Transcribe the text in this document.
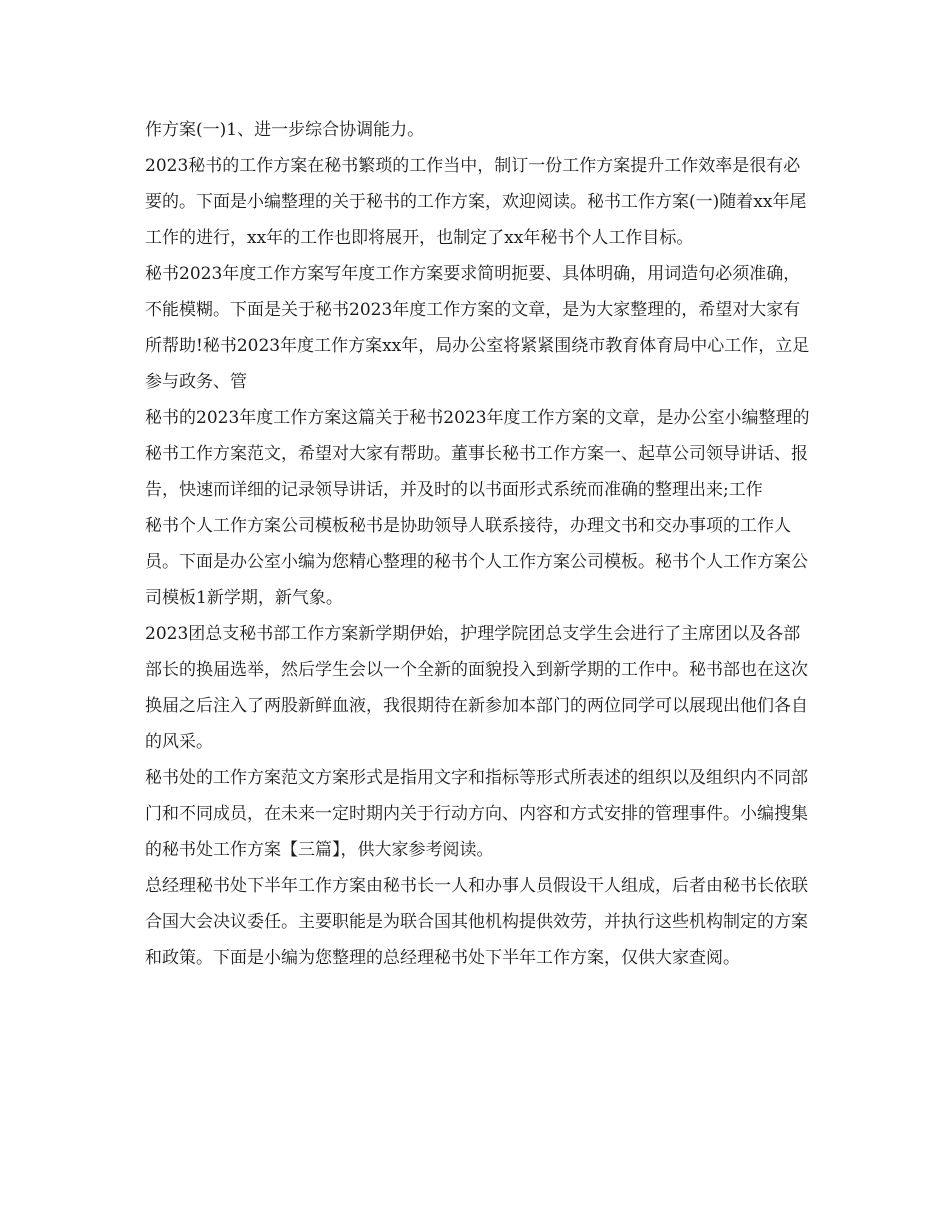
作方案(一)1、进一步综合协调能力。

2023秘书的工作方案在秘书繁琐的工作当中，制订一份工作方案提升工作效率是很有必要的。下面是小编整理的关于秘书的工作方案，欢迎阅读。秘书工作方案(一)随着xx年尾工作的进行，xx年的工作也即将展开，也制定了xx年秘书个人工作目标。

秘书2023年度工作方案写年度工作方案要求简明扼要、具体明确，用词造句必须准确，不能模糊。下面是关于秘书2023年度工作方案的文章，是为大家整理的，希望对大家有所帮助!秘书2023年度工作方案xx年，局办公室将紧紧围绕市教育体育局中心工作，立足参与政务、管

秘书的2023年度工作方案这篇关于秘书2023年度工作方案的文章，是办公室小编整理的秘书工作方案范文，希望对大家有帮助。董事长秘书工作方案一、起草公司领导讲话、报告，快速而详细的记录领导讲话，并及时的以书面形式系统而准确的整理出来;工作

秘书个人工作方案公司模板秘书是协助领导人联系接待，办理文书和交办事项的工作人员。下面是办公室小编为您精心整理的秘书个人工作方案公司模板。秘书个人工作方案公司模板1新学期，新气象。

2023团总支秘书部工作方案新学期伊始，护理学院团总支学生会进行了主席团以及各部部长的换届选举，然后学生会以一个全新的面貌投入到新学期的工作中。秘书部也在这次换届之后注入了两股新鲜血液，我很期待在新参加本部门的两位同学可以展现出他们各自的风采。

秘书处的工作方案范文方案形式是指用文字和指标等形式所表述的组织以及组织内不同部门和不同成员，在未来一定时期内关于行动方向、内容和方式安排的管理事件。小编搜集的秘书处工作方案【三篇】，供大家参考阅读。

总经理秘书处下半年工作方案由秘书长一人和办事人员假设干人组成，后者由秘书长依联合国大会决议委任。主要职能是为联合国其他机构提供效劳，并执行这些机构制定的方案和政策。下面是小编为您整理的总经理秘书处下半年工作方案，仅供大家查阅。
